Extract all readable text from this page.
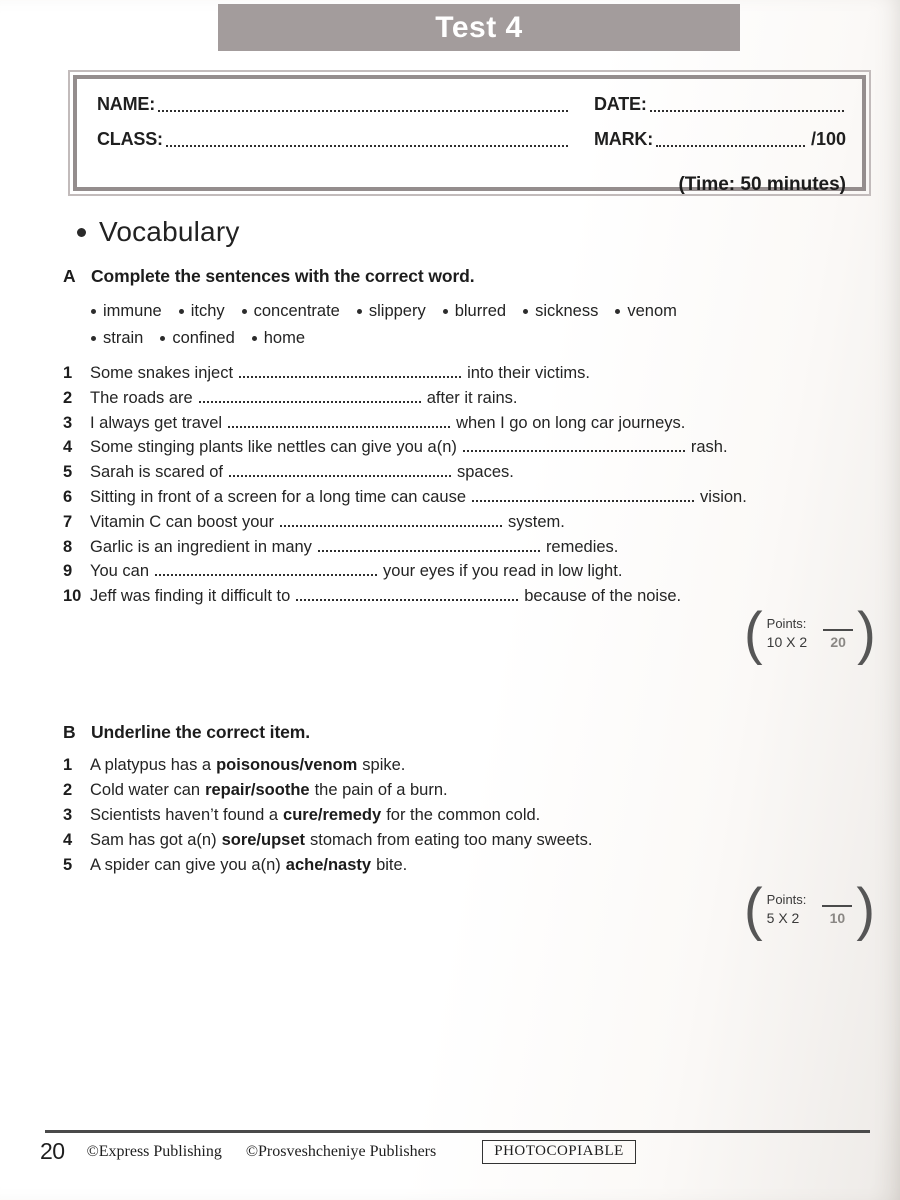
Test 4
NAME:	DATE:
CLASS:	MARK:	/100
(Time: 50 minutes)
Vocabulary
A Complete the sentences with the correct word.
immune itchy concentrate slippery blurred sickness venom
strain confined home
1	Some snakes inject	into their victims.
2	The roads are	after it rains.
3	I always get travel	when I go on long car journeys.
4	Some stinging plants like nettles can give you a(n)	rash.
5	Sarah is scared of	spaces.
6	Sitting in front of a screen for a long time can cause	vision.
7	Vitamin C can boost your	system.
8	Garlic is an ingredient in many	remedies.
9	You can	your eyes if you read in low light.
10 Jeff was finding it difficult to	because of the noise.
(
Points:
10 X 2 20
)
B Underline the correct item.
1	A platypus has a poisonous/venom spike.
2	Cold water can repair/soothe the pain of a burn.
3	Scientists haven’t found a cure/remedy for the common cold.
4	Sam has got a(n) sore/upset stomach from eating too many sweets.
5	A spider can give you a(n) ache/nasty bite.
(
Points:
5 X 2	10
)
20 ©Express Publishing ©Prosveshcheniye Publishers	PHOTOCOPIABLE
